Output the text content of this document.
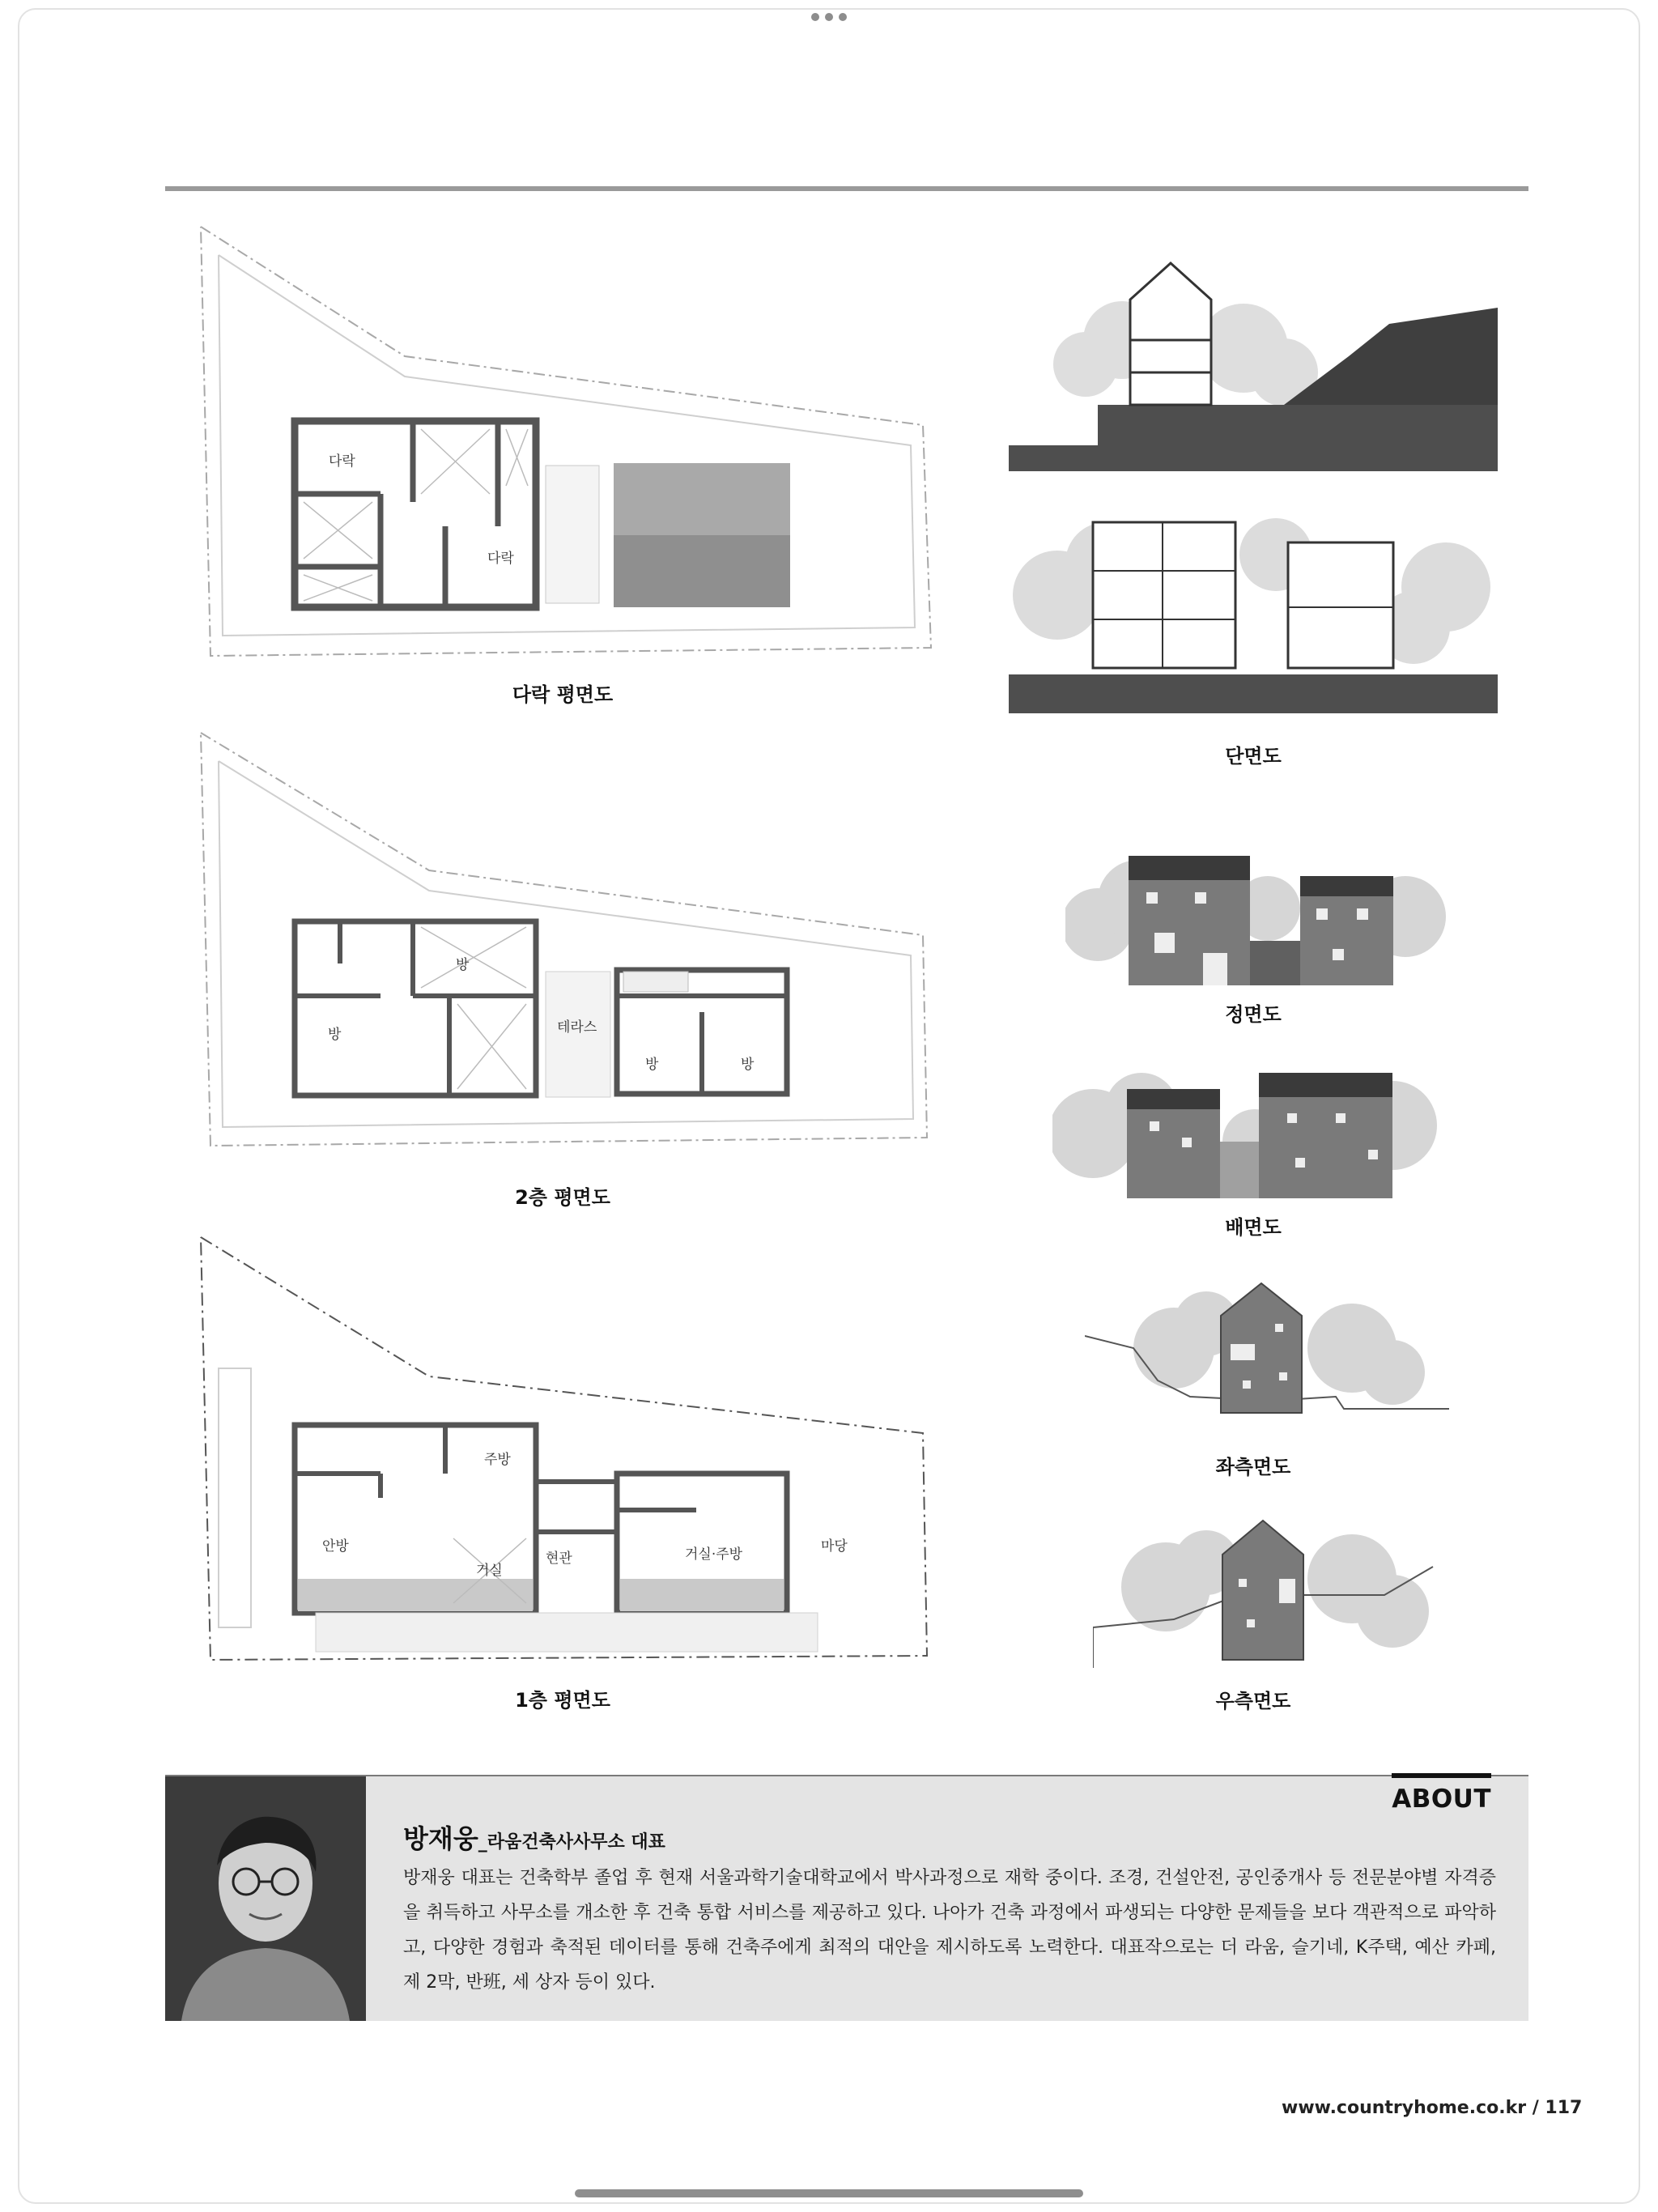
다락
다락
다락 평면도
방
방	테라스
방	방
2층 평면도
주방
안방
거실
현관	거실·주방	마당
1층 평면도
단면도
정면도
배면도
좌측면도
우측면도
ABOUT
방재웅_라움건축사사무소 대표

방재웅 대표는 건축학부 졸업 후 현재 서울과학기술대학교에서 박사과정으로 재학 중이다. 조경, 건설안전, 공인중개사 등 전문분야별 자격증을 취득하고 사무소를 개소한 후 건축 통합 서비스를 제공하고 있다. 나아가 건축 과정에서 파생되는 다양한 문제들을 보다 객관적으로 파악하고, 다양한 경험과 축적된 데이터를 통해 건축주에게 최적의 대안을 제시하도록 노력한다. 대표작으로는 더 라움, 슬기네, K주택, 예산 카페, 제 2막, 반班, 세 상자 등이 있다.

www.countryhome.co.kr / 117
